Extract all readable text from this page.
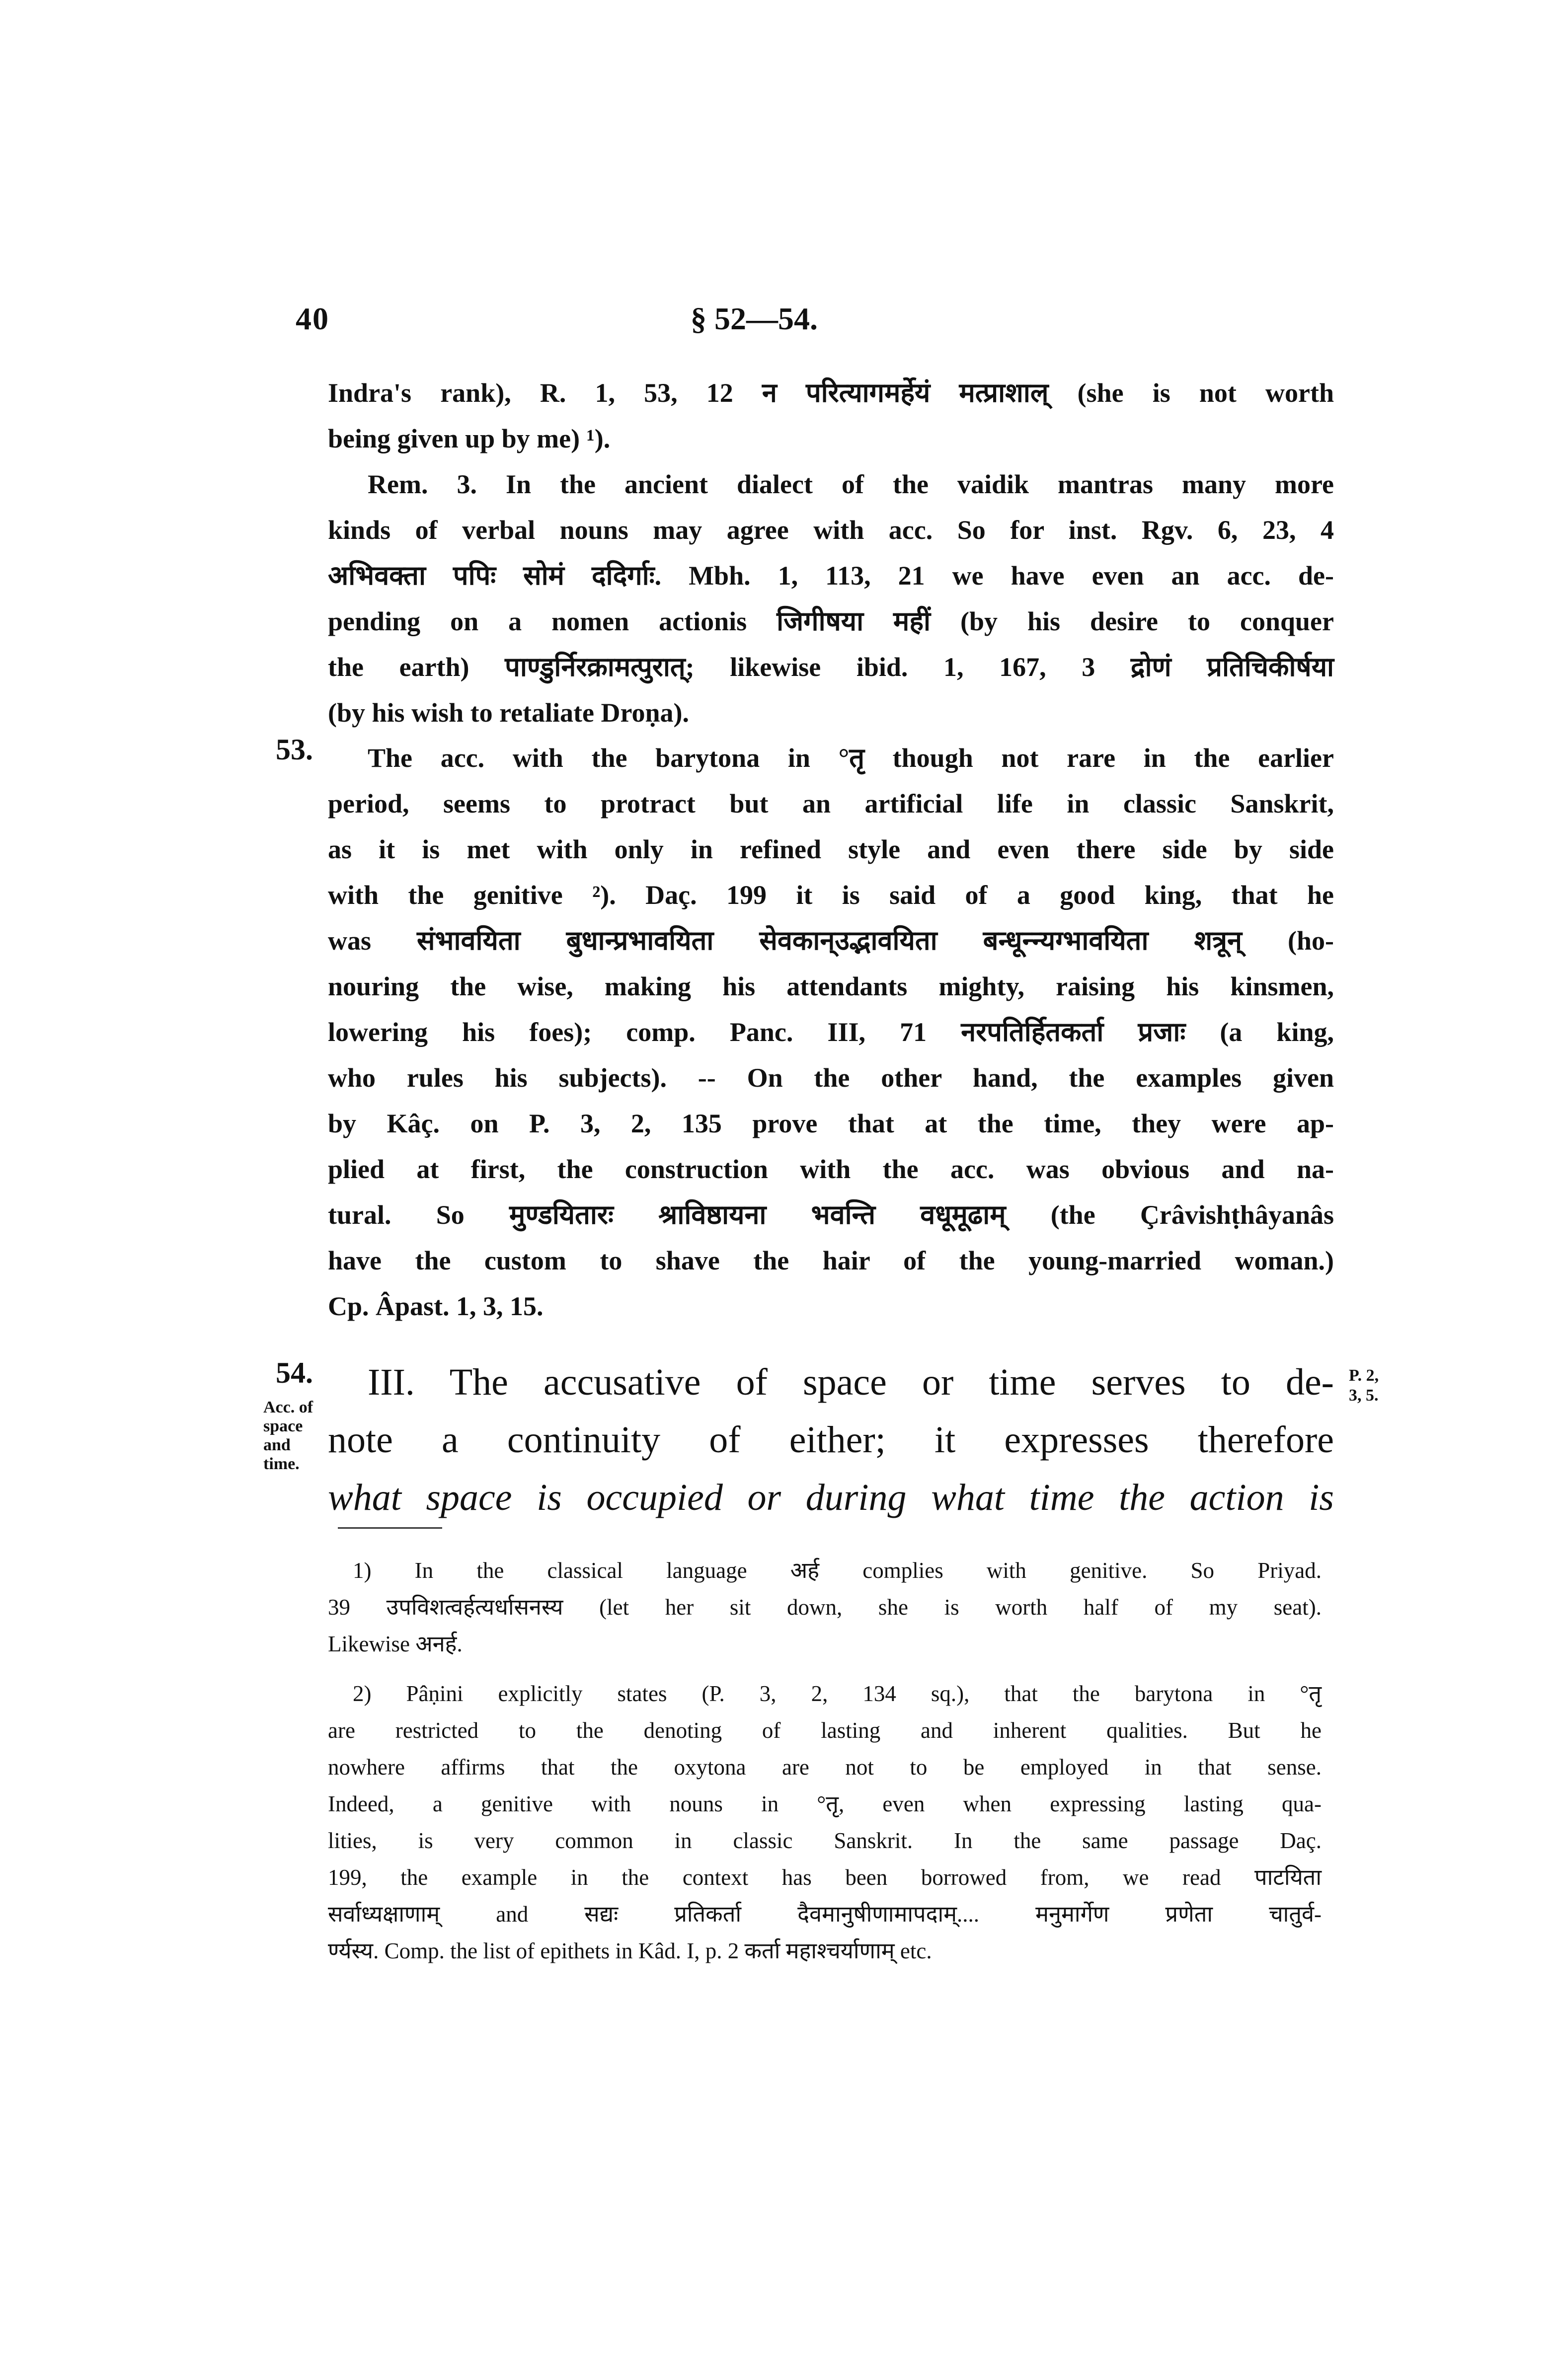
40	§ 52—54.
Indra's rank), R. 1, 53, 12 न परित्यागमर्हेयं मत्प्राशाल्‌ (she is not worth
being given up by me) ¹).
Rem. 3. In the ancient dialect of the vaidik mantras many more
kinds of verbal nouns may agree with acc. So for inst. Rgv. 6, 23, 4
अभिवक्ता पपिः सोमं ददिर्गाः. Mbh. 1, 113, 21 we have even an acc. de-
pending on a nomen actionis जिगीषया महीं (by his desire to conquer
the earth) पाण्डुर्निरक्रामत्पुरात्; likewise ibid. 1, 167, 3 द्रोणं प्रतिचिकीर्षया
(by his wish to retaliate Droṇa).
53.	The acc. with the barytona in °तृ though not rare in the earlier
period, seems to protract but an artificial life in classic Sanskrit,
as it is met with only in refined style and even there side by side
with the genitive ²). Daç. 199 it is said of a good king, that he
was संभावयिता बुधान्प्रभावयिता सेवकान्उद्भावयिता बन्धून्न्यग्भावयिता शत्रून् (ho-
nouring the wise, making his attendants mighty, raising his kinsmen,
lowering his foes); comp. Panc. III, 71 नरपतिर्हितकर्ता प्रजाः (a king,
who rules his subjects). -- On the other hand, the examples given
by Kâç. on P. 3, 2, 135 prove that at the time, they were ap-
plied at first, the construction with the acc. was obvious and na-
tural. So मुण्डयितारः श्राविष्ठायना भवन्ति वधूमूढाम् (the Çrâvishṭhâyanâs
have the custom to shave the hair of the young-married woman.)
Cp. Âpast. 1, 3, 15.
54.
Acc. of
space
and
time.
P. 2,
3, 5.
III. The accusative of space or time serves to de-
note a continuity of either; it expresses therefore
what space is occupied or during what time the action is
1) In the classical language अर्ह complies with genitive. So Priyad.
39 उपविशत्वर्हत्यर्धासनस्य (let her sit down, she is worth half of my seat).
Likewise अनर्ह.
2) Pâṇini explicitly states (P. 3, 2, 134 sq.), that the barytona in °तृ
are restricted to the denoting of lasting and inherent qualities. But he
nowhere affirms that the oxytona are not to be employed in that sense.
Indeed, a genitive with nouns in °तृ, even when expressing lasting qua-
lities, is very common in classic Sanskrit. In the same passage Daç.
199, the example in the context has been borrowed from, we read पाटयिता
सर्वाध्यक्षाणाम् and सद्यः प्रतिकर्ता दैवमानुषीणामापदाम्.... मनुमार्गेण प्रणेता चातुर्व-
र्ण्यस्य. Comp. the list of epithets in Kâd. I, p. 2 कर्ता महाश्चर्याणाम् etc.
